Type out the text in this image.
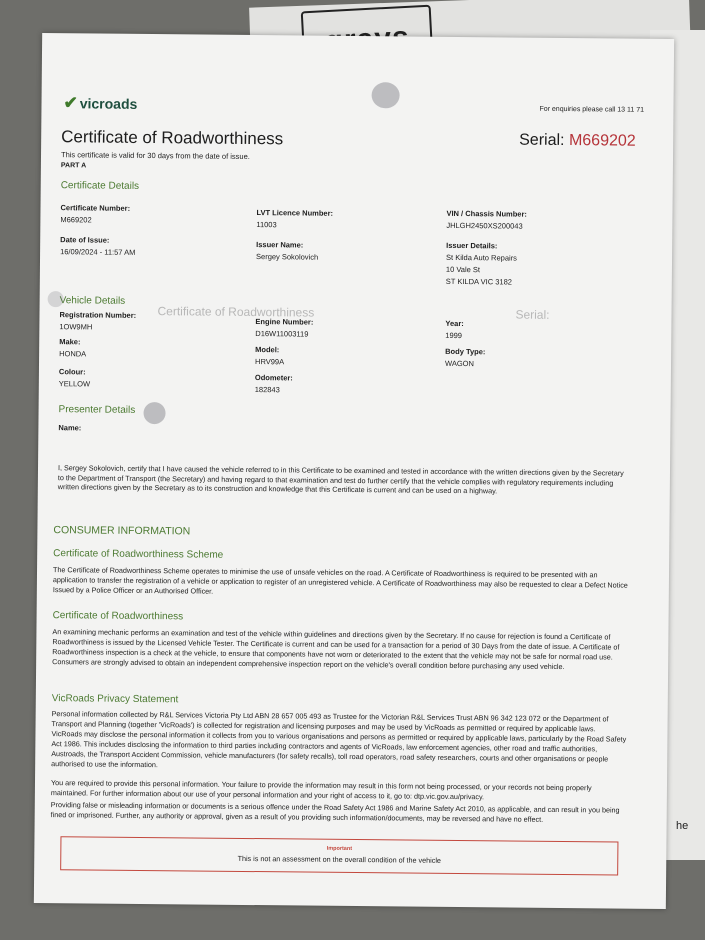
he
✔ vicroads	For enquiries please call 13 11 71
Certificate of Roadworthiness	Serial: M669202
This certificate is valid for 30 days from the date of issue.
PART A
Certificate Details
Certificate Number:
M669202
LVT Licence Number:
11003
VIN / Chassis Number:
JHLGH2450XS200043
Date of Issue:
16/09/2024 - 11:57 AM
Issuer Name:
Sergey Sokolovich
Issuer Details:
St Kilda Auto Repairs
10 Vale St
ST KILDA VIC 3182
Certificate of Roadworthiness	Serial:
Vehicle Details
Registration Number:
1OW9MH
Engine Number:
D16W11003119
Year:
1999
Make:
HONDA	Model:
HRV99A
Body Type:
WAGON
Colour:
YELLOW
Odometer:
182843
Presenter Details
Name:
I, Sergey Sokolovich, certify that I have caused the vehicle referred to in this Certificate to be examined and tested in accordance with the written directions given by the Secretary to the Department of Transport (the Secretary) and having regard to that examination and test do further certify that the vehicle complies with regulatory requirements including written directions given by the Secretary as to its construction and knowledge that this Certificate is current and can be used on a highway.
CONSUMER INFORMATION
Certificate of Roadworthiness Scheme
The Certificate of Roadworthiness Scheme operates to minimise the use of unsafe vehicles on the road. A Certificate of Roadworthiness is required to be presented with an application to transfer the registration of a vehicle or application to register of an unregistered vehicle. A Certificate of Roadworthiness may also be requested to clear a Defect Notice Issued by a Police Officer or an Authorised Officer.
Certificate of Roadworthiness
An examining mechanic performs an examination and test of the vehicle within guidelines and directions given by the Secretary. If no cause for rejection is found a Certificate of Roadworthiness is issued by the Licensed Vehicle Tester. The Certificate is current and can be used for a transaction for a period of 30 Days from the date of issue. A Certificate of Roadworthiness inspection is a check at the vehicle, to ensure that components have not worn or deteriorated to the extent that the vehicle may not be safe for normal road use. Consumers are strongly advised to obtain an independent comprehensive inspection report on the vehicle's overall condition before purchasing any used vehicle.
VicRoads Privacy Statement
Personal information collected by R&L Services Victoria Pty Ltd ABN 28 657 005 493 as Trustee for the Victorian R&L Services Trust ABN 96 342 123 072 or the Department of Transport and Planning (together 'VicRoads') is collected for registration and licensing purposes and may be used by VicRoads as permitted or required by applicable laws. VicRoads may disclose the personal information it collects from you to various organisations and persons as permitted or required by applicable laws, particularly by the Road Safety Act 1986. This includes disclosing the information to third parties including contractors and agents of VicRoads, law enforcement agencies, other road and traffic authorities, Austroads, the Transport Accident Commission, vehicle manufacturers (for safety recalls), toll road operators, road safety researchers, courts and other organisations or people authorised to use the information.
You are required to provide this personal information. Your failure to provide the information may result in this form not being processed, or your records not being properly maintained. For further information about our use of your personal information and your right of access to it, go to: dtp.vic.gov.au/privacy.
Providing false or misleading information or documents is a serious offence under the Road Safety Act 1986 and Marine Safety Act 2010, as applicable, and can result in you being fined or imprisoned. Further, any authority or approval, given as a result of you providing such information/documents, may be reversed and have no effect.
Important
This is not an assessment on the overall condition of the vehicle
